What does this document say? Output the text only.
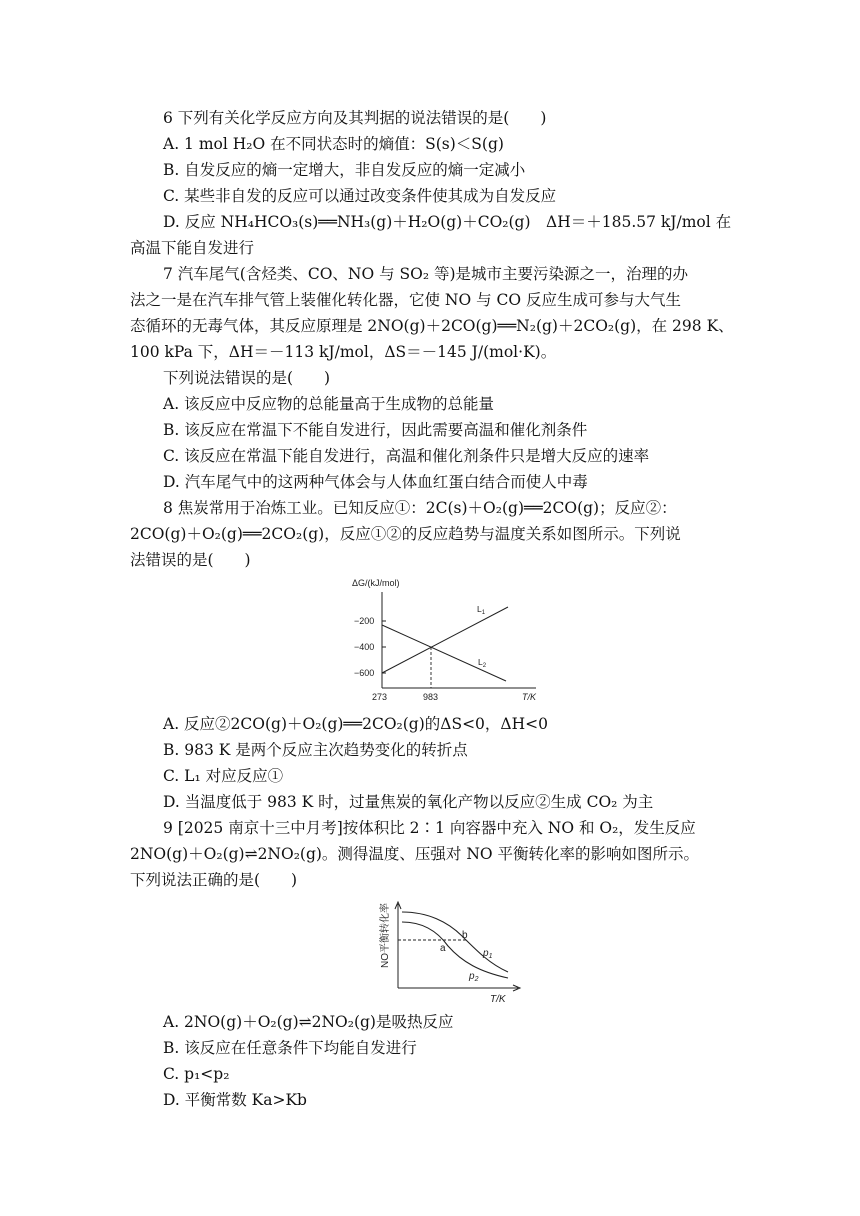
6 下列有关化学反应方向及其判据的说法错误的是(　　)
A. 1 mol H₂O 在不同状态时的熵值：S(s)＜S(g)
B. 自发反应的熵一定增大，非自发反应的熵一定减小
C. 某些非自发的反应可以通过改变条件使其成为自发反应
D. 反应 NH₄HCO₃(s)══NH₃(g)＋H₂O(g)＋CO₂(g)　ΔH＝＋185.57 kJ/mol 在
高温下能自发进行
7 汽车尾气(含烃类、CO、NO 与 SO₂ 等)是城市主要污染源之一，治理的办
法之一是在汽车排气管上装催化转化器，它使 NO 与 CO 反应生成可参与大气生
态循环的无毒气体，其反应原理是 2NO(g)＋2CO(g)══N₂(g)＋2CO₂(g)，在 298 K、
100 kPa 下，ΔH＝－113 kJ/mol，ΔS＝－145 J/(mol·K)。
下列说法错误的是(　　)
A. 该反应中反应物的总能量高于生成物的总能量
B. 该反应在常温下不能自发进行，因此需要高温和催化剂条件
C. 该反应在常温下能自发进行，高温和催化剂条件只是增大反应的速率
D. 汽车尾气中的这两种气体会与人体血红蛋白结合而使人中毒
8 焦炭常用于冶炼工业。已知反应①：2C(s)＋O₂(g)══2CO(g)；反应②：
2CO(g)＋O₂(g)══2CO₂(g)，反应①②的反应趋势与温度关系如图所示。下列说
法错误的是(　　)
ΔG/(kJ/mol)
−200
−400
−600
$L_1$
$L_2$
273	983	T/K
A. 反应②2CO(g)＋O₂(g)══2CO₂(g)的ΔS<0，ΔH<0
B. 983 K 是两个反应主次趋势变化的转折点
C. L₁ 对应反应①
D. 当温度低于 983 K 时，过量焦炭的氧化产物以反应②生成 CO₂ 为主
9 [2025 南京十三中月考]按体积比 2∶1 向容器中充入 NO 和 O₂，发生反应
2NO(g)＋O₂(g)⇌2NO₂(g)。测得温度、压强对 NO 平衡转化率的影响如图所示。
下列说法正确的是(　　)
NO平衡转化率	b
a	$p_1$
$p_2$
T/K
A. 2NO(g)＋O₂(g)⇌2NO₂(g)是吸热反应
B. 该反应在任意条件下均能自发进行
C. p₁<p₂
D. 平衡常数 Ka>Kb
